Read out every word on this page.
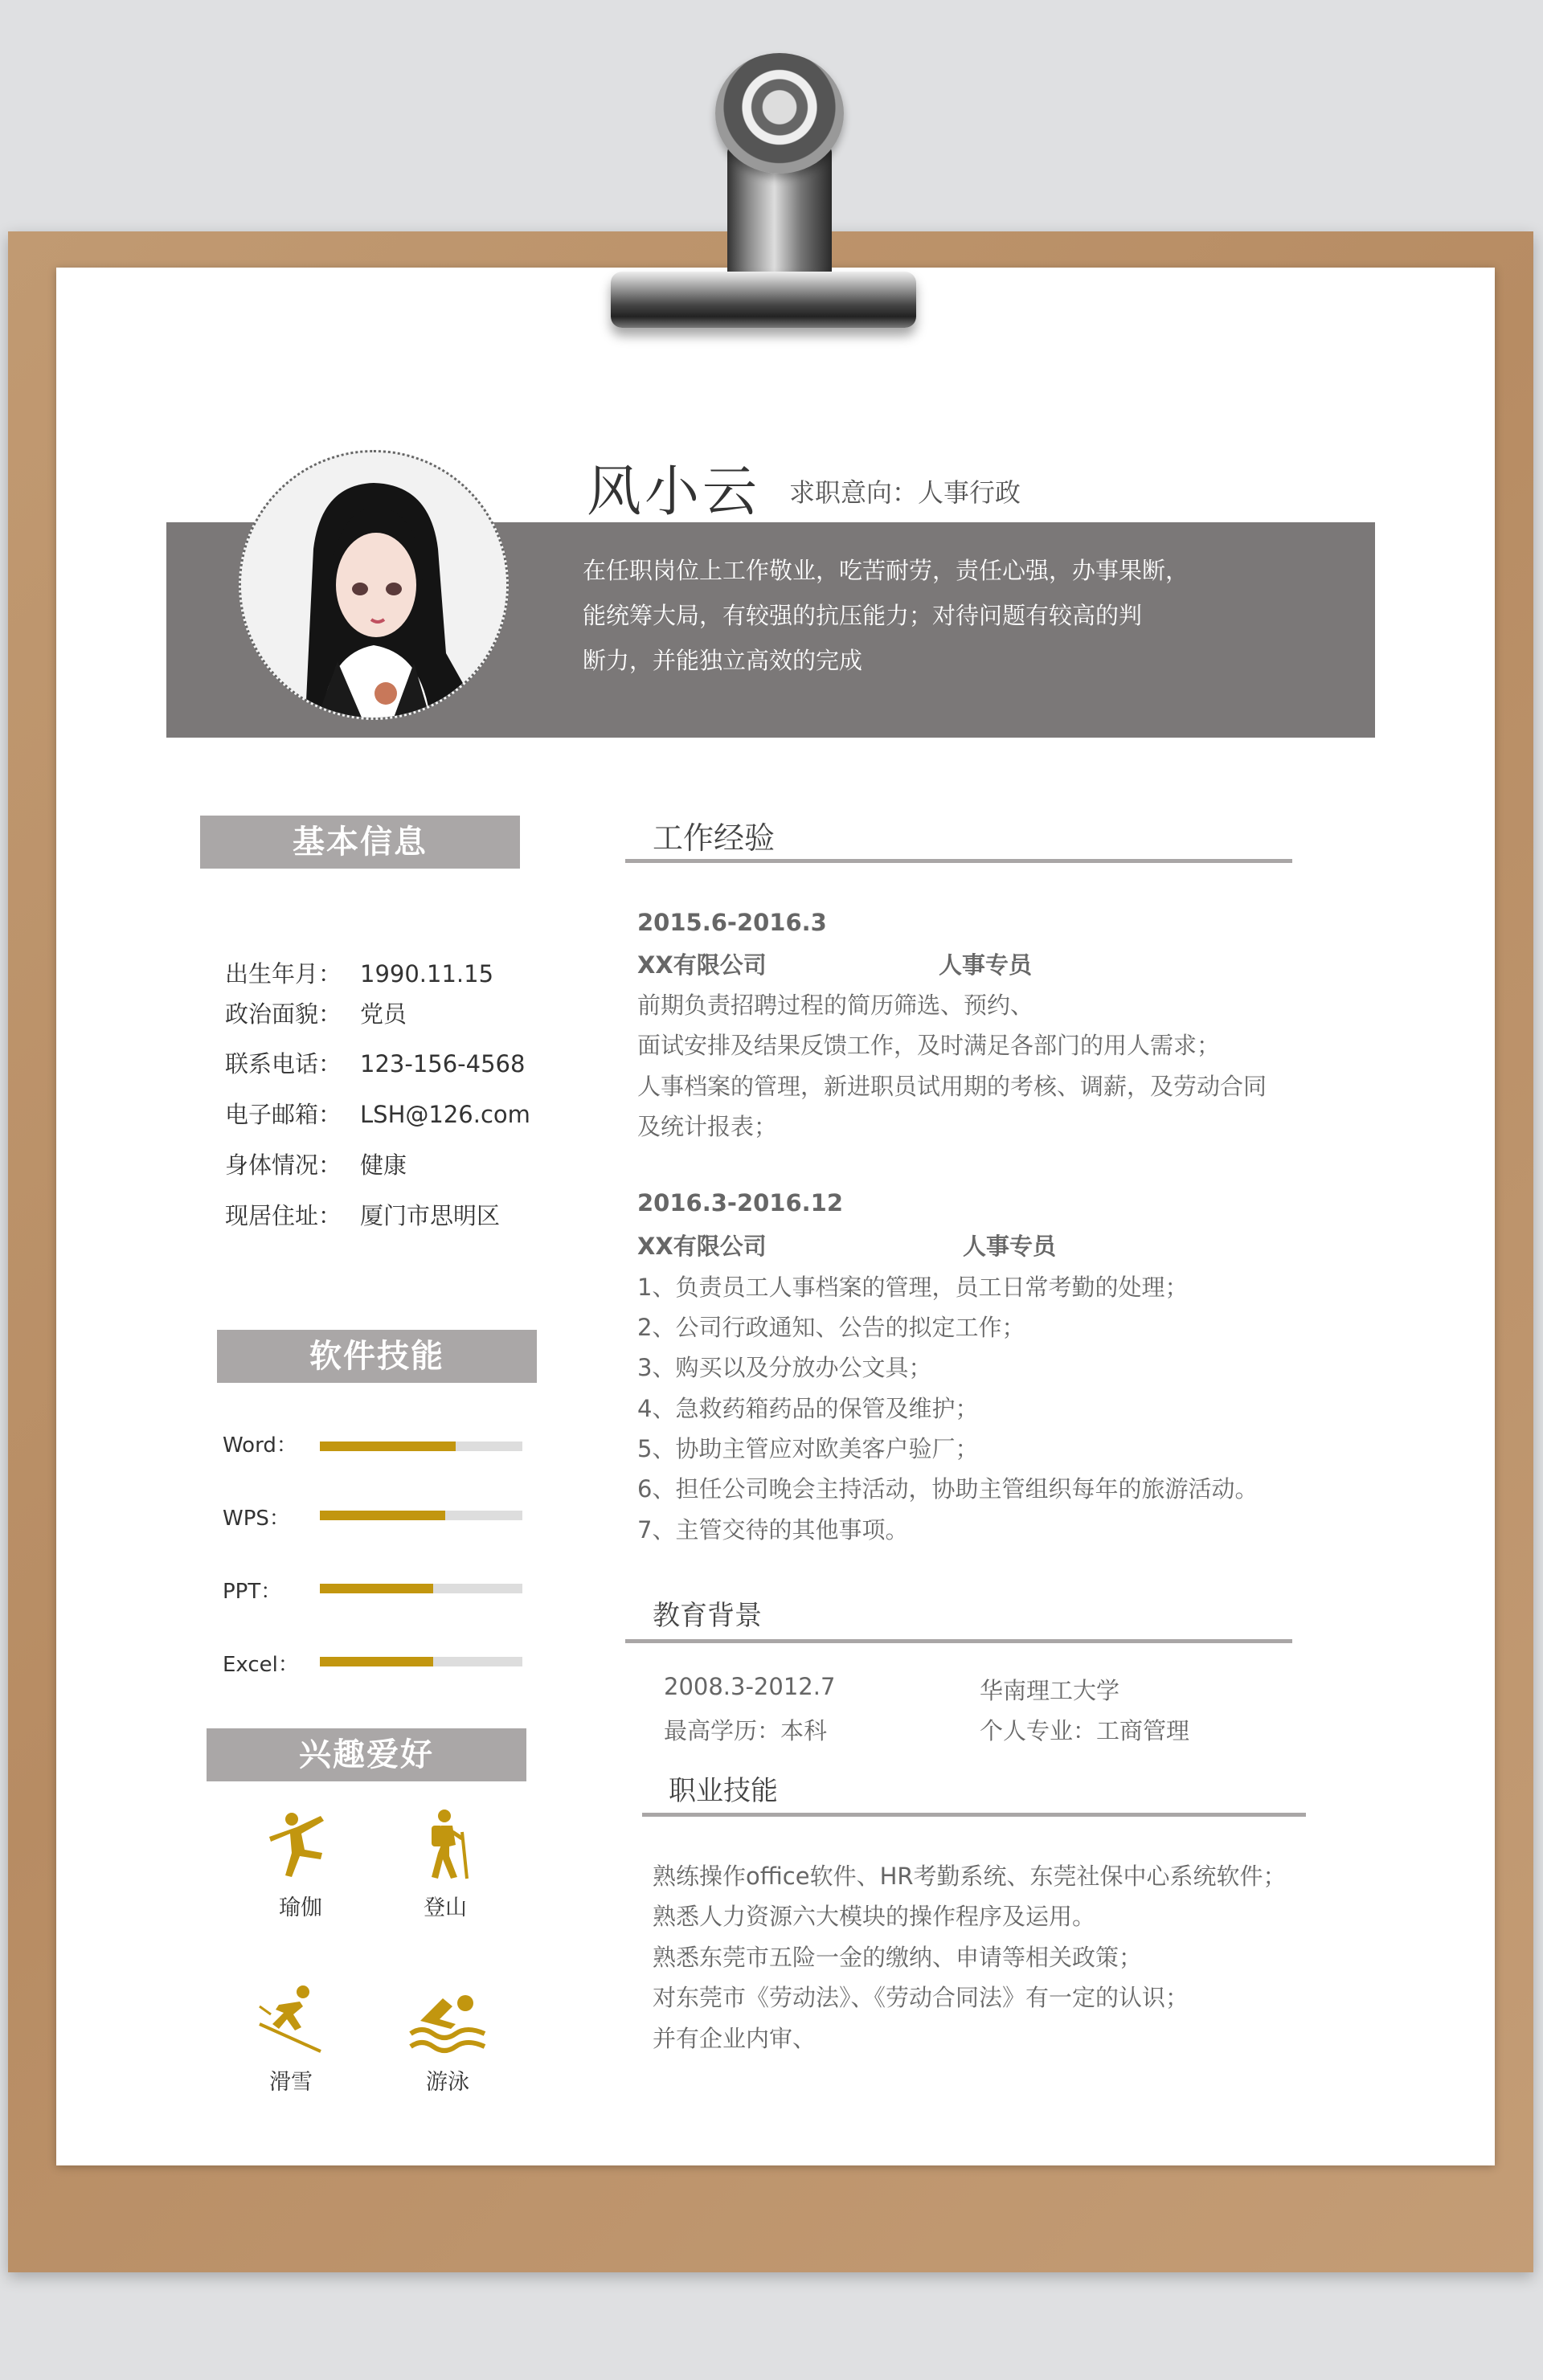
风小云 求职意向： 人事行政
在任职岗位上工作敬业，吃苦耐劳，责任心强，办事果断，
能统筹大局，有较强的抗压能力；对待问题有较高的判
断力，并能独立高效的完成
基本信息
出生年月： 1990.11.15
政治面貌： 党员
联系电话： 123-156-4568
电子邮箱： LSH@126.com
身体情况： 健康
现居住址： 厦门市思明区
软件技能
Word：
WPS：
PPT：
Excel：
兴趣爱好
瑜伽	登山
滑雪	游泳
工作经验
2015.6-2016.3
XX有限公司	人事专员
前期负责招聘过程的简历筛选、预约、
面试安排及结果反馈工作，及时满足各部门的用人需求；
人事档案的管理，新进职员试用期的考核、调薪，及劳动合同
及统计报表；
2016.3-2016.12
XX有限公司	人事专员
1、负责员工人事档案的管理，员工日常考勤的处理；
2、公司行政通知、公告的拟定工作；
3、购买以及分放办公文具；
4、急救药箱药品的保管及维护；
5、协助主管应对欧美客户验厂；
6、担任公司晚会主持活动，协助主管组织每年的旅游活动。
7、主管交待的其他事项。
教育背景
2008.3-2012.7	华南理工大学
最高学历：本科	个人专业：工商管理
职业技能
熟练操作office软件、HR考勤系统、东莞社保中心系统软件；
熟悉人力资源六大模块的操作程序及运用。
熟悉东莞市五险一金的缴纳、申请等相关政策；
对东莞市《劳动法》、《劳动合同法》有一定的认识；
并有企业内审、
